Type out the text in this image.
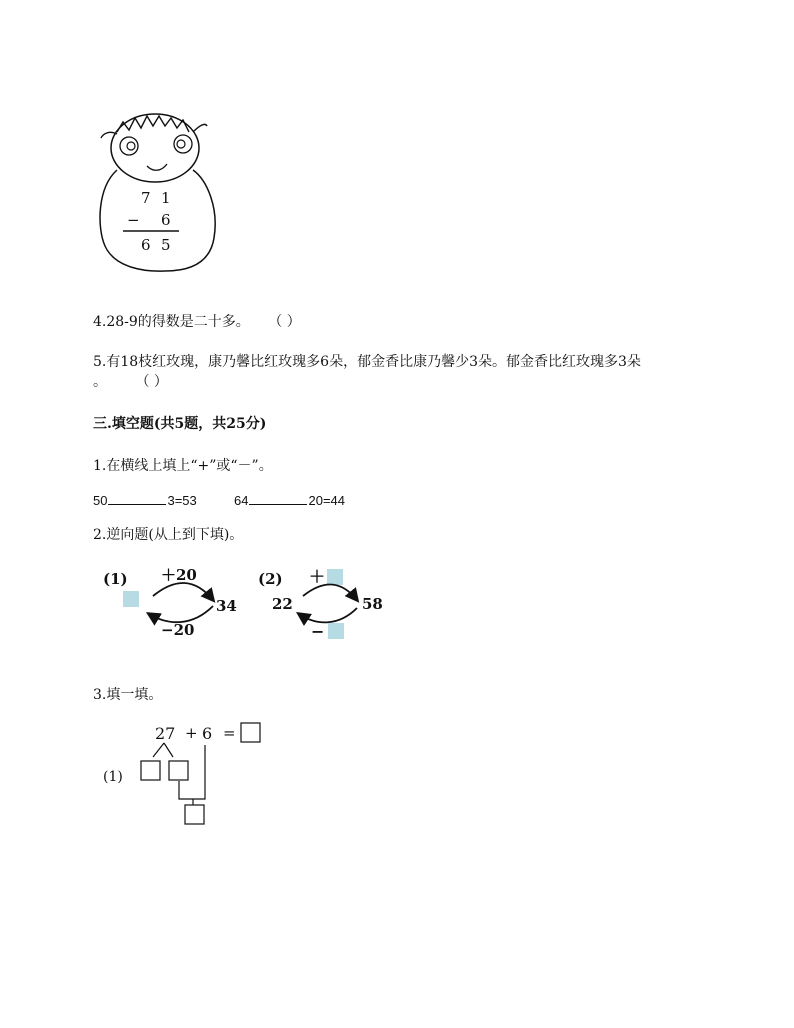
7 1
− 6
6 5
4.28-9的得数是二十多。 （ ）
5.有18枝红玫瑰，康乃馨比红玫瑰多6朵，郁金香比康乃馨少3朵。郁金香比红玫瑰多3朵
。 （ ）
三.填空题(共5题，共25分)
1.在横线上填上“+”或“－”。
50	3=53	64	20=44
2.逆向题(从上到下填)。
(1) ＋20
34
−20
(2) ＋
22	58
−
3.填一填。
27 + 6 =
(1)
